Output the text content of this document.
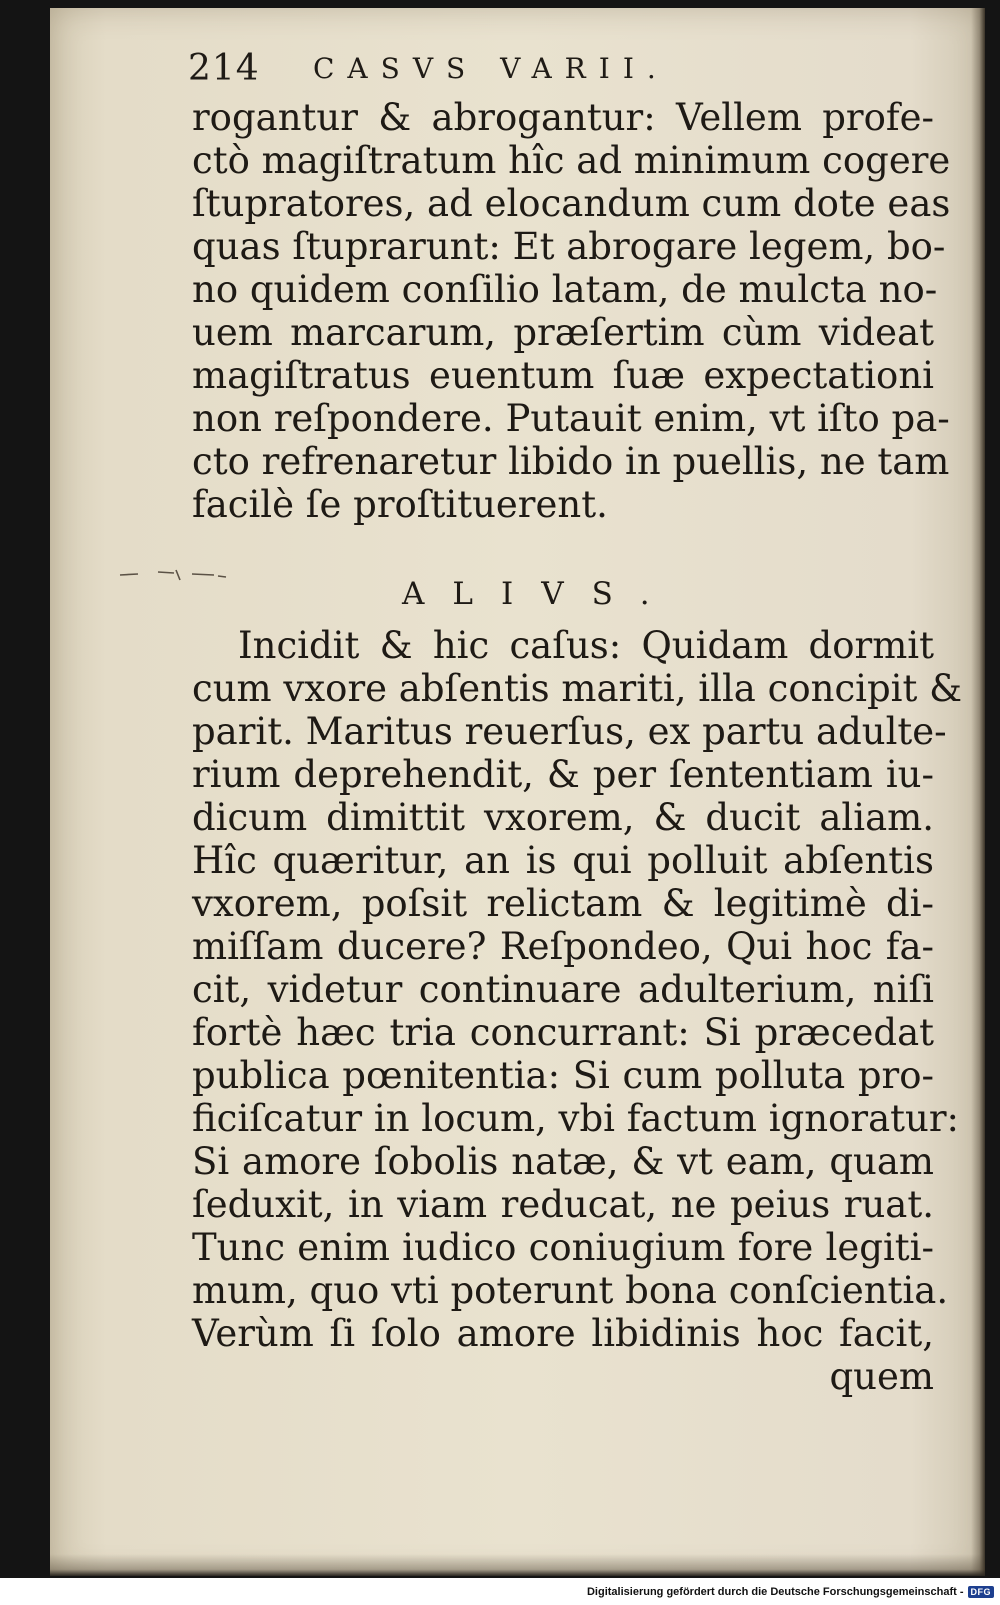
214 CASVS VARII.
rogantur & abrogantur: Vellem profe-
ctò magiſtratum hîc ad minimum cogere
ſtupratores, ad elocandum cum dote eas
quas ſtuprarunt: Et abrogare legem, bo-
no quidem conſilio latam, de mulcta no-
uem marcarum, præſertim cùm videat
magiſtratus euentum ſuæ expectationi
non reſpondere. Putauit enim, vt iſto pa-
cto refrenaretur libido in puellis, ne tam
facilè ſe proſtituerent.
ALIVS.
Incidit & hic caſus: Quidam dormit
cum vxore abſentis mariti, illa concipit &
parit. Maritus reuerſus, ex partu adulte-
rium deprehendit, & per ſententiam iu-
dicum dimittit vxorem, & ducit aliam.
Hîc quæritur, an is qui polluit abſentis
vxorem, poſsit relictam & legitimè di-
miſſam ducere? Reſpondeo, Qui hoc fa-
cit, videtur continuare adulterium, niſi
fortè hæc tria concurrant: Si præcedat
publica pœnitentia: Si cum polluta pro-
ficiſcatur in locum, vbi factum ignoratur:
Si amore ſobolis natæ, & vt eam, quam
ſeduxit, in viam reducat, ne peius ruat.
Tunc enim iudico coniugium fore legiti-
mum, quo vti poterunt bona conſcientia.
Verùm ſi ſolo amore libidinis hoc facit,
quem
Digitalisierung gefördert durch die Deutsche Forschungsgemeinschaft - DFG
